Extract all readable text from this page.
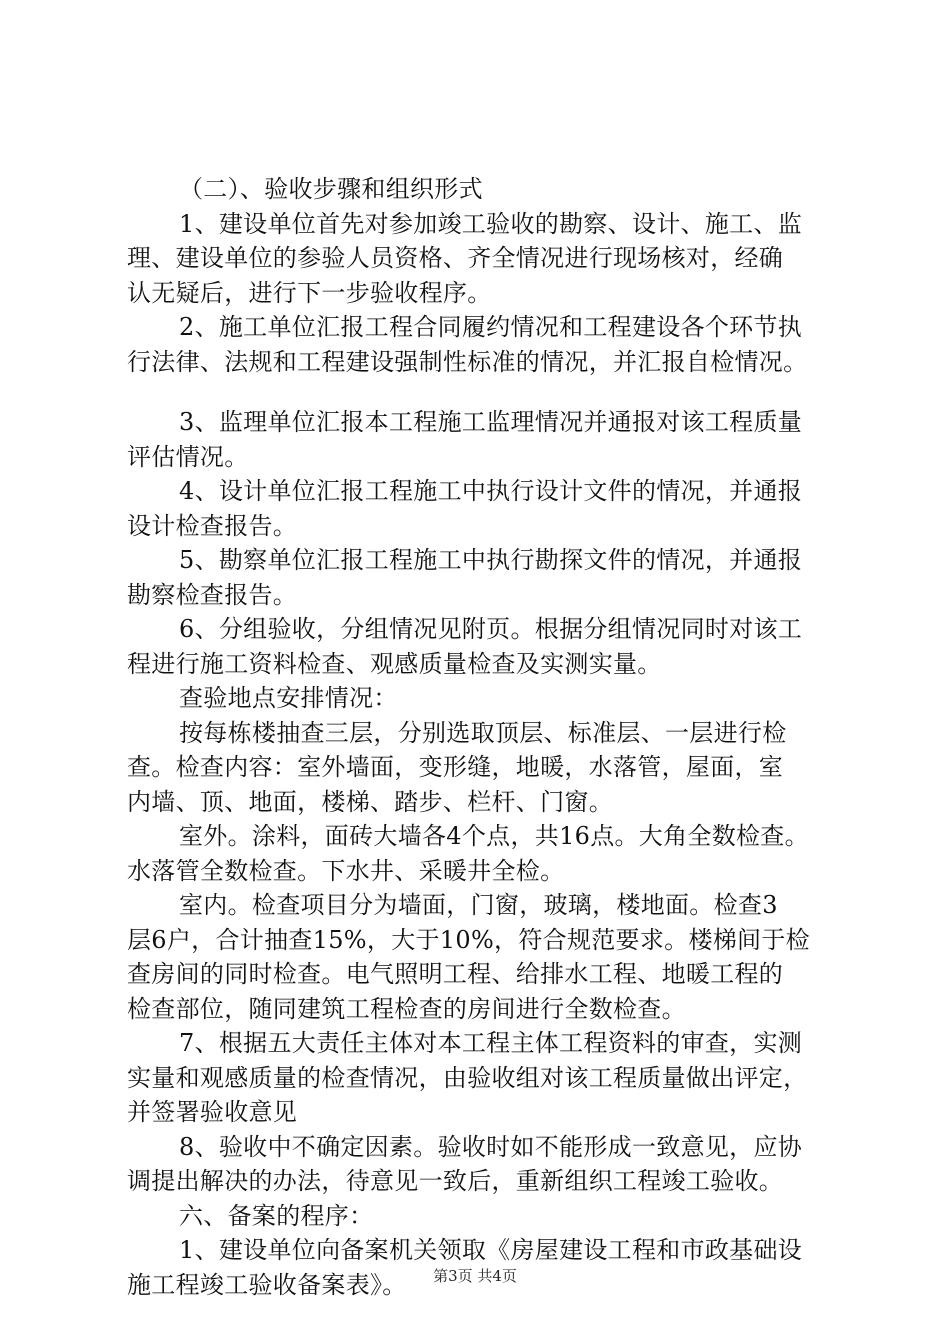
（二）、验收步骤和组织形式
1、建设单位首先对参加竣工验收的勘察、设计、施工、监
理、建设单位的参验人员资格、齐全情况进行现场核对，经确
认无疑后，进行下一步验收程序。
2、施工单位汇报工程合同履约情况和工程建设各个环节执
行法律、法规和工程建设强制性标准的情况，并汇报自检情况。
3、监理单位汇报本工程施工监理情况并通报对该工程质量
评估情况。
4、设计单位汇报工程施工中执行设计文件的情况，并通报
设计检查报告。
5、勘察单位汇报工程施工中执行勘探文件的情况，并通报
勘察检查报告。
6、分组验收，分组情况见附页。根据分组情况同时对该工
程进行施工资料检查、观感质量检查及实测实量。
查验地点安排情况：
按每栋楼抽查三层，分别选取顶层、标准层、一层进行检
查。检查内容：室外墙面，变形缝，地暖，水落管，屋面，室
内墙、顶、地面，楼梯、踏步、栏杆、门窗。
室外。涂料，面砖大墙各4个点，共16点。大角全数检查。
水落管全数检查。下水井、采暖井全检。
室内。检查项目分为墙面，门窗，玻璃，楼地面。检查3
层6户，合计抽查15%，大于10%，符合规范要求。楼梯间于检
查房间的同时检查。电气照明工程、给排水工程、地暖工程的
检查部位，随同建筑工程检查的房间进行全数检查。
7、根据五大责任主体对本工程主体工程资料的审查，实测
实量和观感质量的检查情况，由验收组对该工程质量做出评定，
并签署验收意见
8、验收中不确定因素。验收时如不能形成一致意见，应协
调提出解决的办法，待意见一致后，重新组织工程竣工验收。
六、备案的程序：
1、建设单位向备案机关领取《房屋建设工程和市政基础设
施工程竣工验收备案表》。	第3页 共4页
